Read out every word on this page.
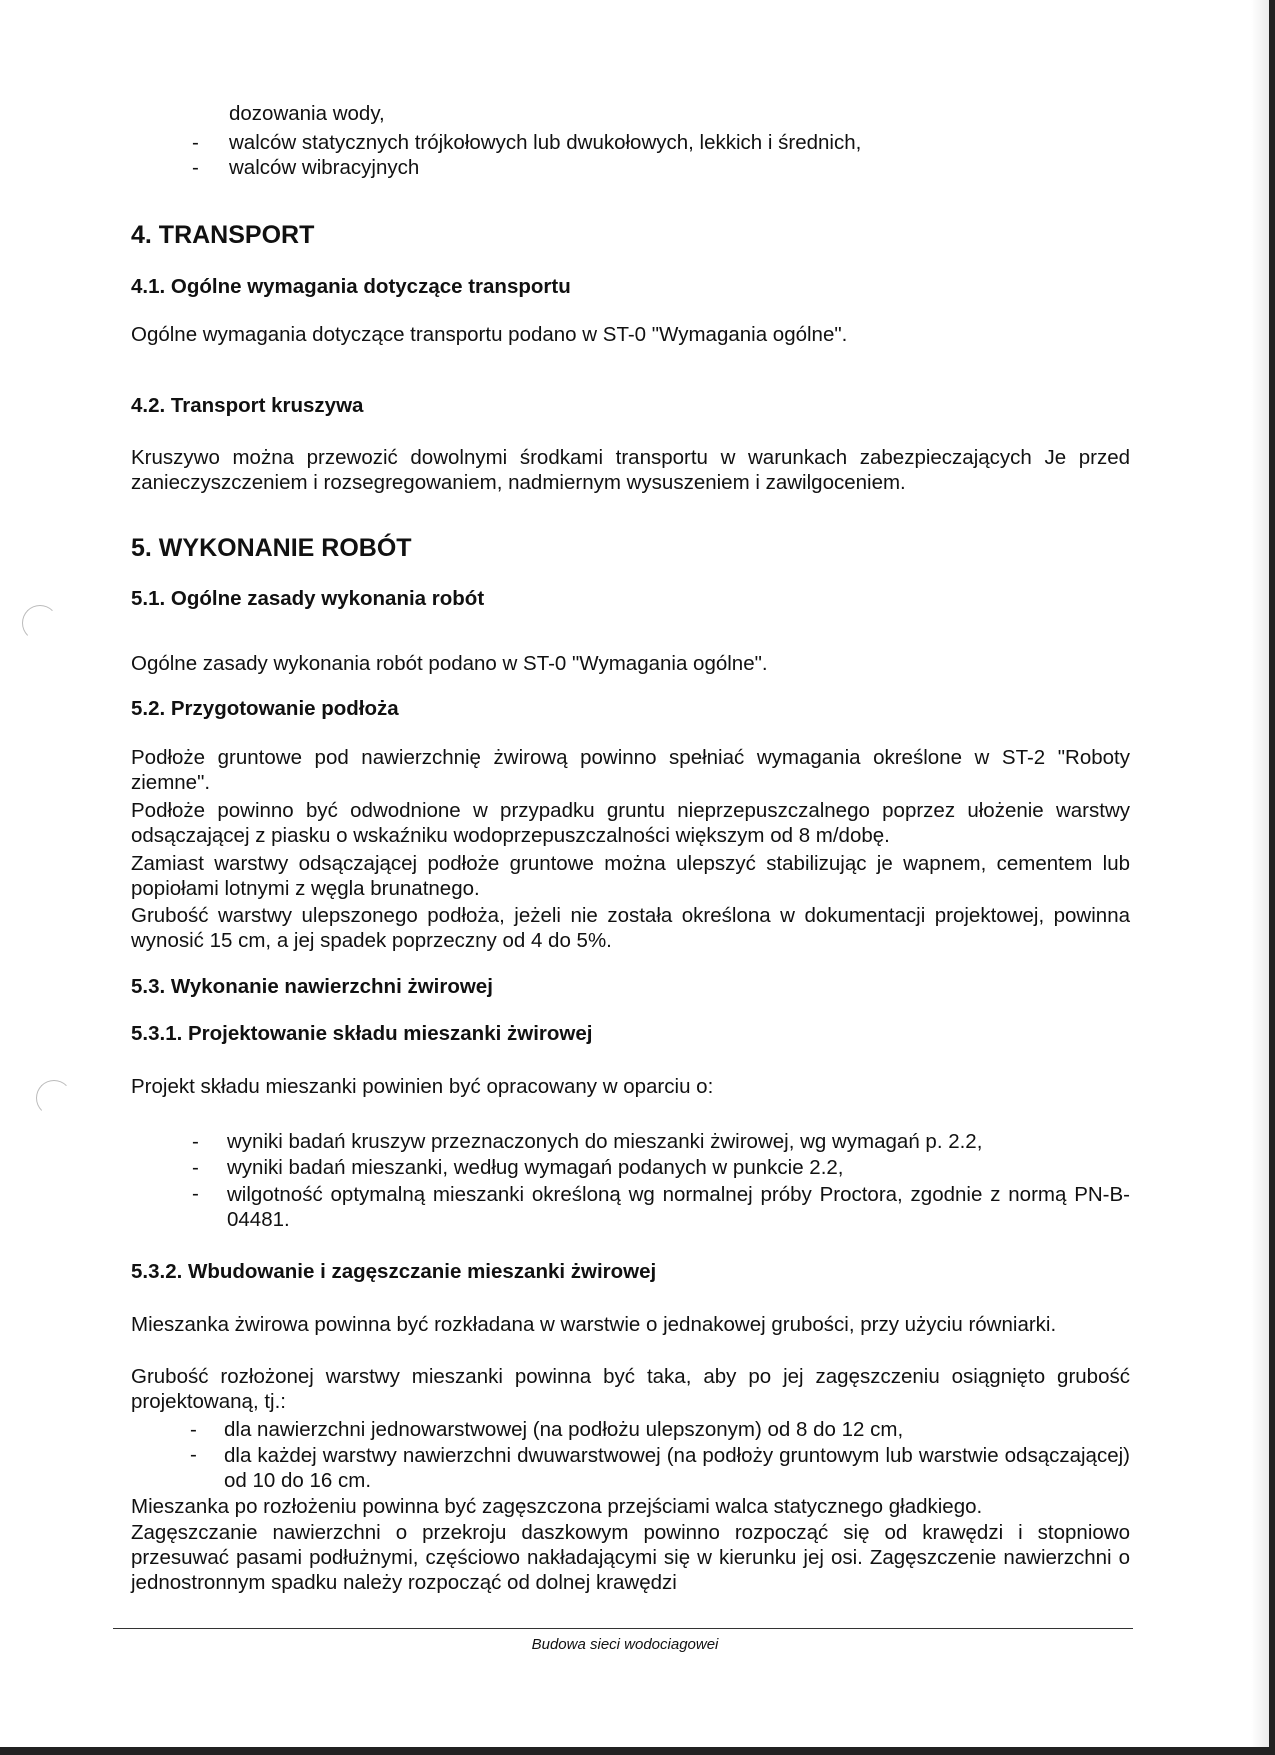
dozowania wody,
- walców statycznych trójkołowych lub dwukołowych, lekkich i średnich,
- walców wibracyjnych
4. TRANSPORT
4.1. Ogólne wymagania dotyczące transportu
Ogólne wymagania dotyczące transportu podano w ST-0 "Wymagania ogólne".
4.2. Transport kruszywa
Kruszywo można przewozić dowolnymi środkami transportu w warunkach zabezpieczających Je przed zanieczyszczeniem i rozsegregowaniem, nadmiernym wysuszeniem i zawilgoceniem.
5. WYKONANIE ROBÓT
5.1. Ogólne zasady wykonania robót
Ogólne zasady wykonania robót podano w ST-0 "Wymagania ogólne".
5.2. Przygotowanie podłoża
Podłoże gruntowe pod nawierzchnię żwirową powinno spełniać wymagania określone w ST-2 "Roboty ziemne".
Podłoże powinno być odwodnione w przypadku gruntu nieprzepuszczalnego poprzez ułożenie warstwy odsączającej z piasku o wskaźniku wodoprzepuszczalności większym od 8 m/dobę.
Zamiast warstwy odsączającej podłoże gruntowe można ulepszyć stabilizując je wapnem, cementem lub popiołami lotnymi z węgla brunatnego.
Grubość warstwy ulepszonego podłoża, jeżeli nie została określona w dokumentacji projektowej, powinna wynosić 15 cm, a jej spadek poprzeczny od 4 do 5%.
5.3. Wykonanie nawierzchni żwirowej
5.3.1. Projektowanie składu mieszanki żwirowej
Projekt składu mieszanki powinien być opracowany w oparciu o:
- wyniki badań kruszyw przeznaczonych do mieszanki żwirowej, wg wymagań p. 2.2,
- wyniki badań mieszanki, według wymagań podanych w punkcie 2.2,
- wilgotność optymalną mieszanki określoną wg normalnej próby Proctora, zgodnie z normą PN-B-04481.
5.3.2. Wbudowanie i zagęszczanie mieszanki żwirowej
Mieszanka żwirowa powinna być rozkładana w warstwie o jednakowej grubości, przy użyciu równiarki.
Grubość rozłożonej warstwy mieszanki powinna być taka, aby po jej zagęszczeniu osiągnięto grubość projektowaną, tj.:
- dla nawierzchni jednowarstwowej (na podłożu ulepszonym) od 8 do 12 cm,
- dla każdej warstwy nawierzchni dwuwarstwowej (na podłoży gruntowym lub warstwie odsączającej) od 10 do 16 cm.
Mieszanka po rozłożeniu powinna być zagęszczona przejściami walca statycznego gładkiego.
Zagęszczanie nawierzchni o przekroju daszkowym powinno rozpocząć się od krawędzi i stopniowo przesuwać pasami podłużnymi, częściowo nakładającymi się w kierunku jej osi. Zagęszczenie nawierzchni o jednostronnym spadku należy rozpocząć od dolnej krawędzi
Budowa sieci wodociagowei
